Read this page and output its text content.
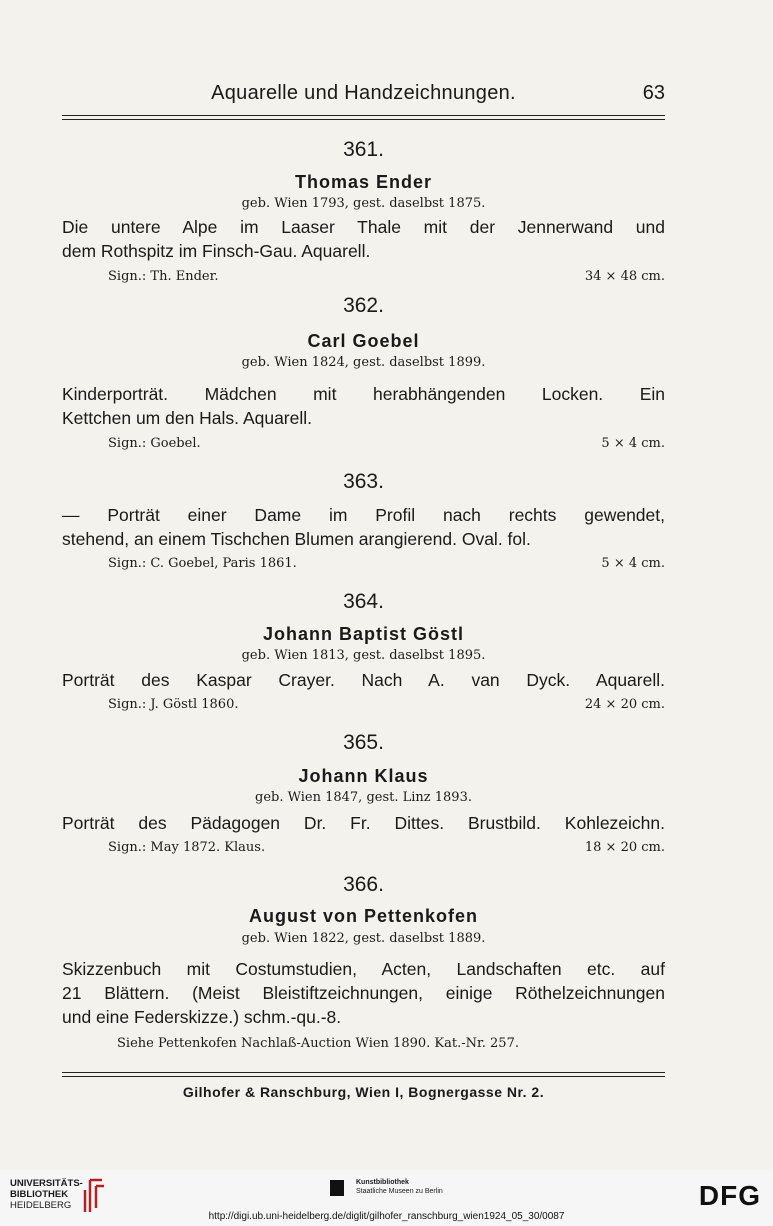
Aquarelle und Handzeichnungen.	63
361.
Thomas Ender
geb. Wien 1793, gest. daselbst 1875.
Die untere Alpe im Laaser Thale mit der Jennerwand und
dem Rothspitz im Finsch-Gau. Aquarell.
Sign.: Th. Ender.	34 × 48 cm.
362.
Carl Goebel
geb. Wien 1824, gest. daselbst 1899.
Kinderporträt. Mädchen mit herabhängenden Locken. Ein
Kettchen um den Hals. Aquarell.
Sign.: Goebel.	5 × 4 cm.
363.
— Porträt einer Dame im Profil nach rechts gewendet,
stehend, an einem Tischchen Blumen arangierend. Oval. fol.
Sign.: C. Goebel, Paris 1861.	5 × 4 cm.
364.
Johann Baptist Göstl
geb. Wien 1813, gest. daselbst 1895.
Porträt des Kaspar Crayer. Nach A. van Dyck. Aquarell.
Sign.: J. Göstl 1860.	24 × 20 cm.
365.
Johann Klaus
geb. Wien 1847, gest. Linz 1893.
Porträt des Pädagogen Dr. Fr. Dittes. Brustbild. Kohlezeichn.
Sign.: May 1872. Klaus.	18 × 20 cm.
366.
August von Pettenkofen
geb. Wien 1822, gest. daselbst 1889.
Skizzenbuch mit Costumstudien, Acten, Landschaften etc. auf
21 Blättern. (Meist Bleistiftzeichnungen, einige Röthelzeichnungen
und eine Federskizze.) schm.-qu.-8.
Siehe Pettenkofen Nachlaß-Auction Wien 1890. Kat.-Nr. 257.
Gilhofer & Ranschburg, Wien I, Bognergasse Nr. 2.
UNIVERSITÄTS-
BIBLIOTHEK
HEIDELBERG
Kunstbibliothek
Staatliche Museen zu Berlin	DFG
http://digi.ub.uni-heidelberg.de/diglit/gilhofer_ranschburg_wien1924_05_30/0087
